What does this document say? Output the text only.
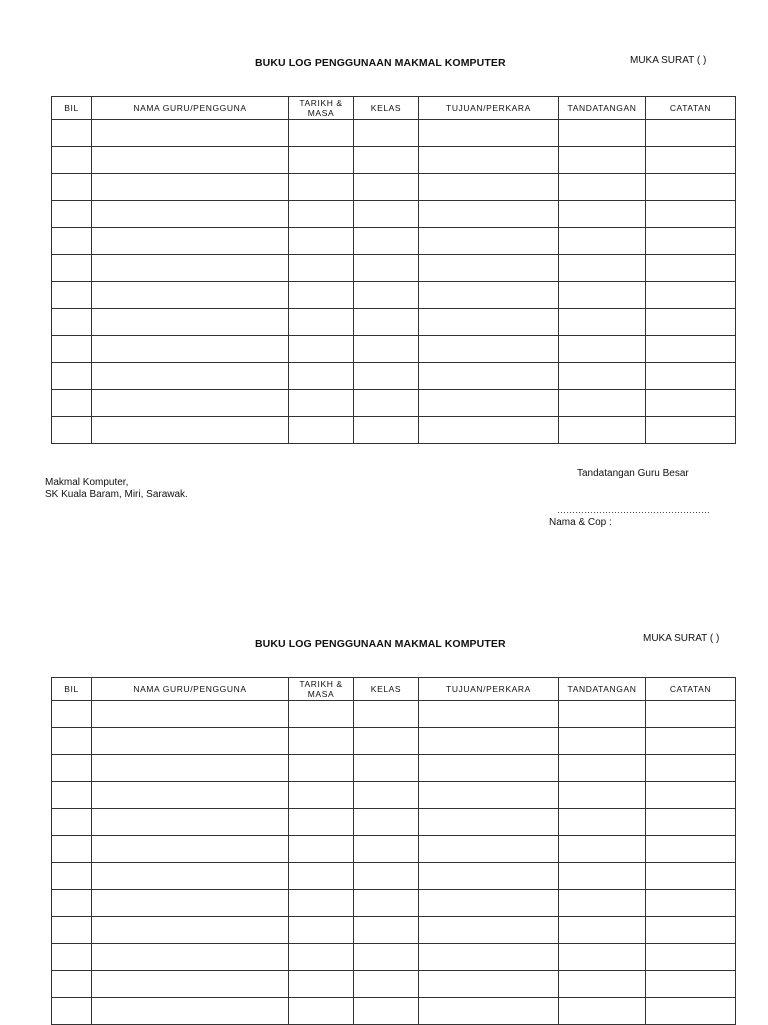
BUKU LOG PENGGUNAAN MAKMAL KOMPUTER	MUKA SURAT ( )
BIL	NAMA GURU/PENGGUNA	TARIKH & MASA	KELAS	TUJUAN/PERKARA	TANDATANGAN	CATATAN

Makmal Komputer,
SK Kuala Baram, Miri, Sarawak.
Tandatangan Guru Besar
……………………………………………
Nama & Cop :
BUKU LOG PENGGUNAAN MAKMAL KOMPUTER	MUKA SURAT ( )
BIL	NAMA GURU/PENGGUNA	TARIKH & MASA	KELAS	TUJUAN/PERKARA	TANDATANGAN	CATATAN
